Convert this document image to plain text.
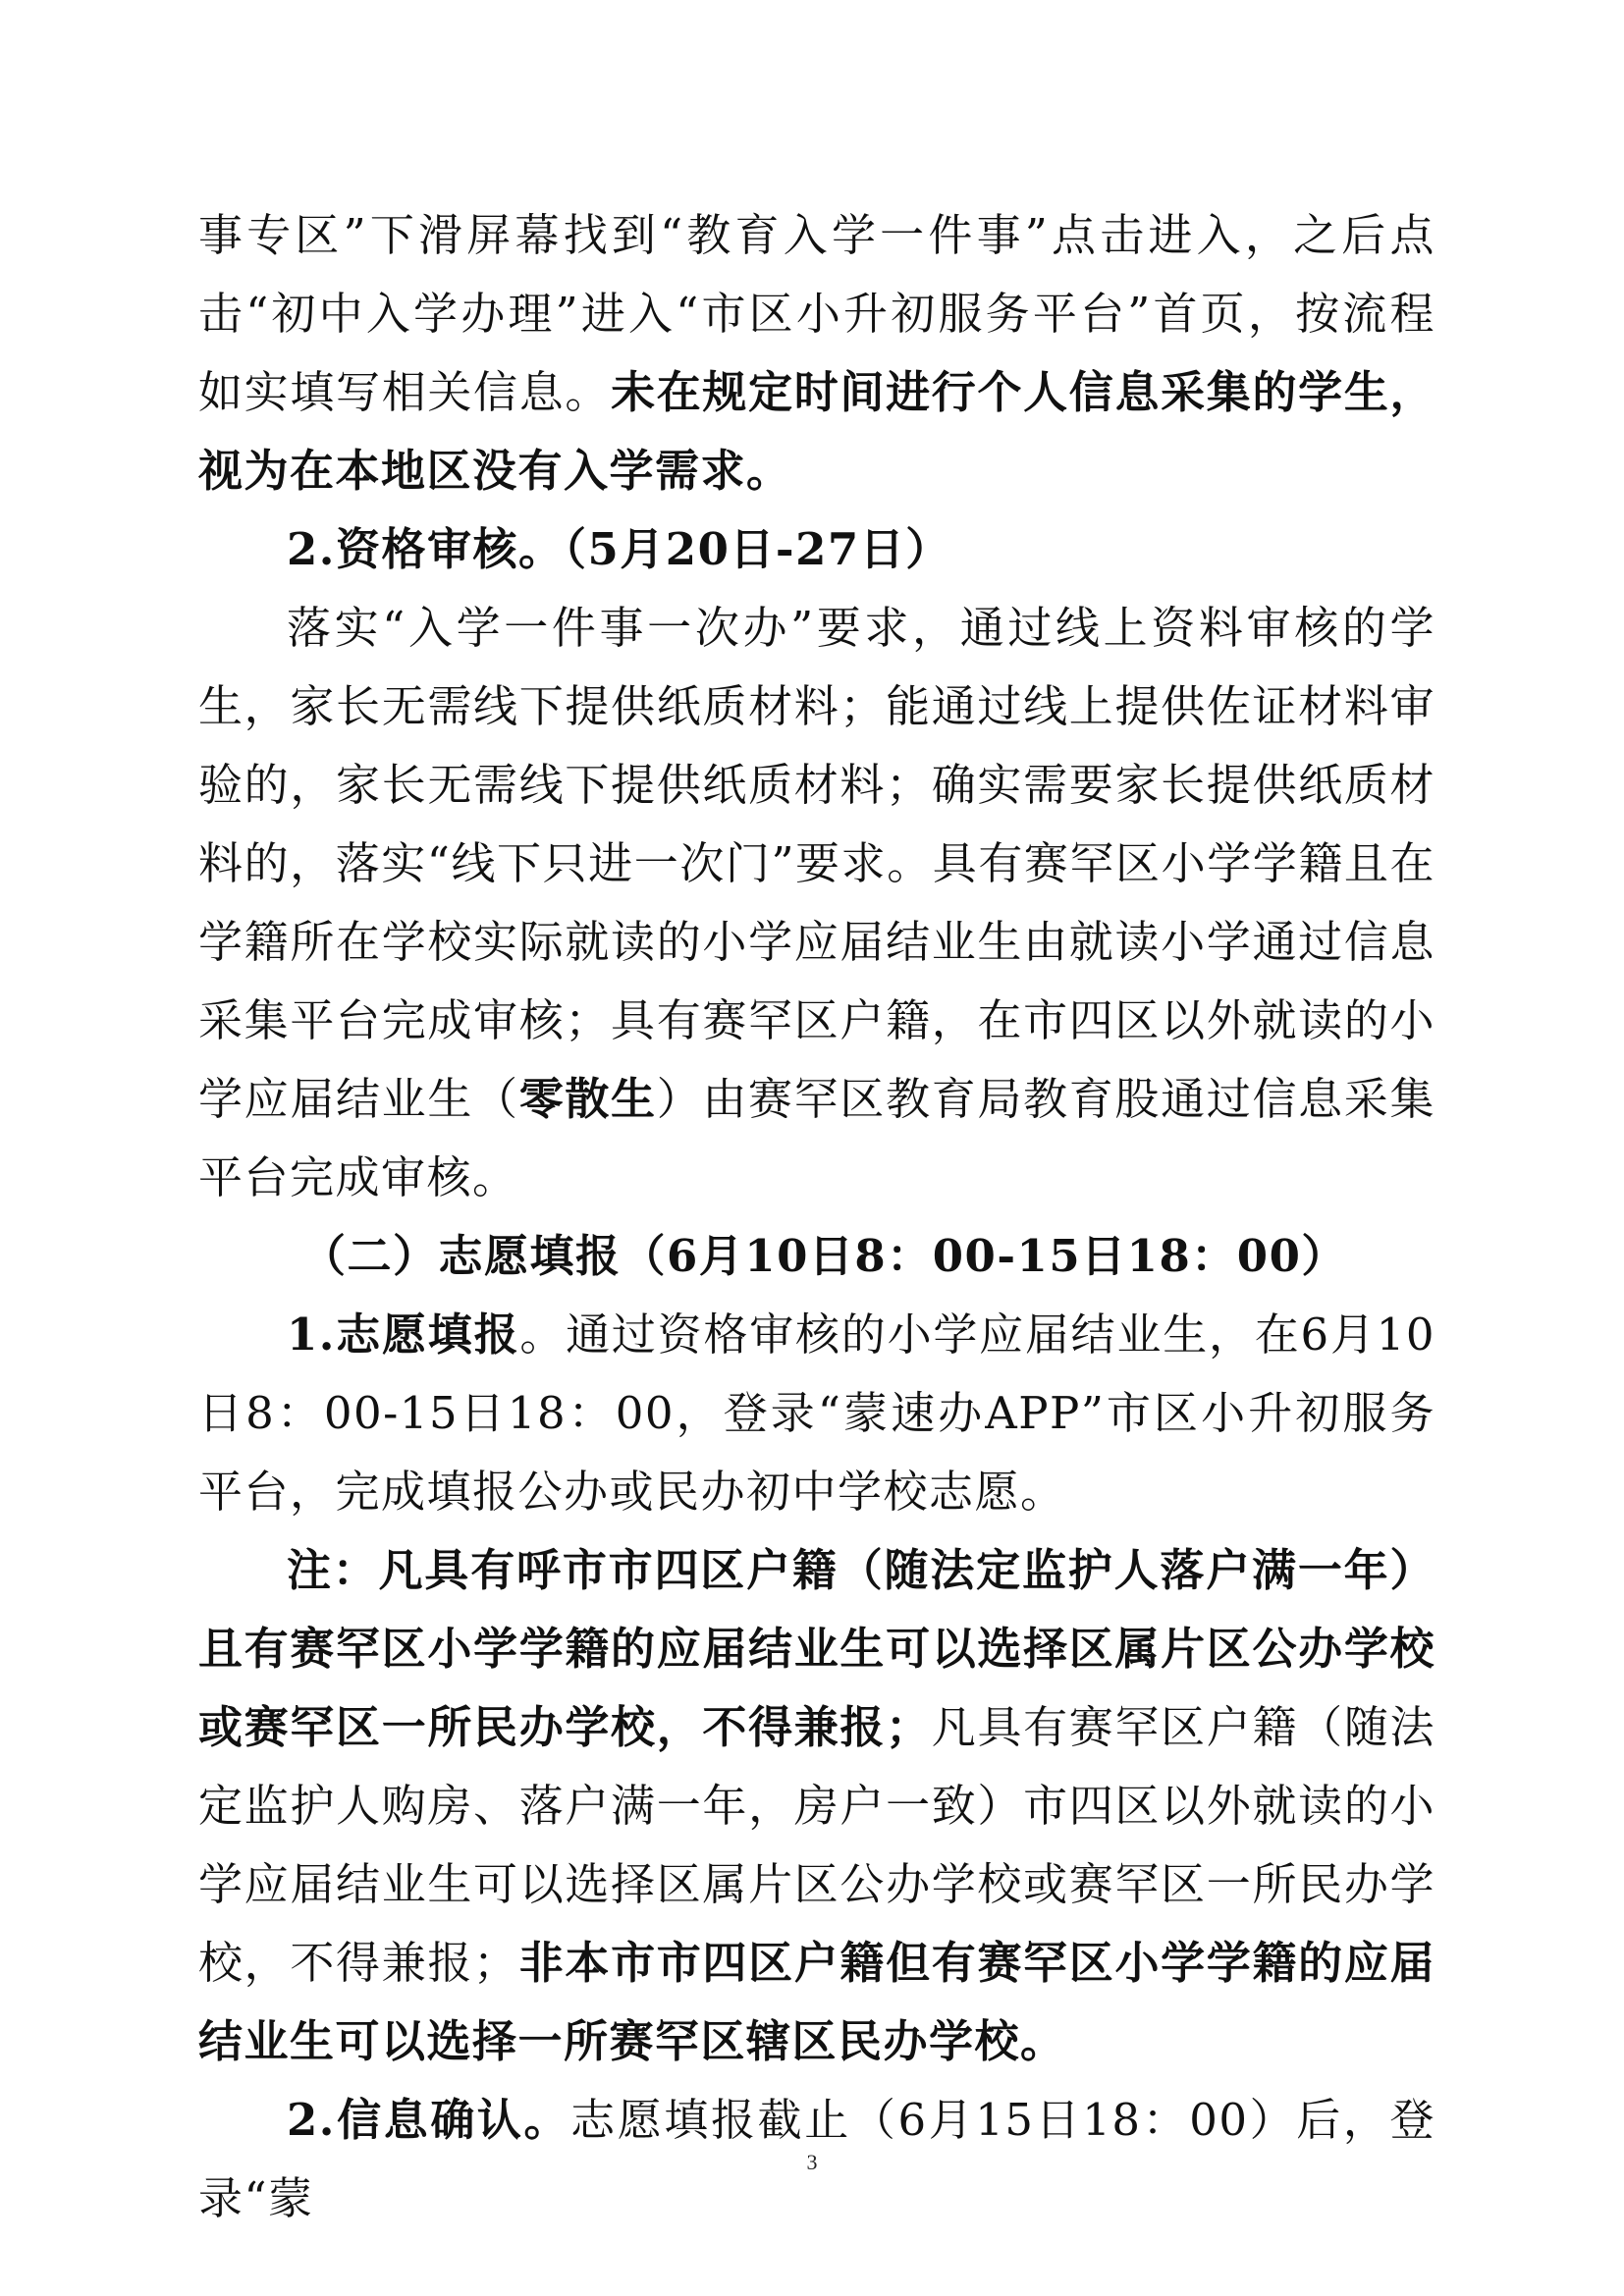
事专区”下滑屏幕找到“教育入学一件事”点击进入，之后点击“初中入学办理”进入“市区小升初服务平台”首页，按流程如实填写相关信息。未在规定时间进行个人信息采集的学生，视为在本地区没有入学需求。

2.资格审核。（5月20日-27日）

落实“入学一件事一次办”要求，通过线上资料审核的学生，家长无需线下提供纸质材料；能通过线上提供佐证材料审验的，家长无需线下提供纸质材料；确实需要家长提供纸质材料的，落实“线下只进一次门”要求。具有赛罕区小学学籍且在学籍所在学校实际就读的小学应届结业生由就读小学通过信息采集平台完成审核；具有赛罕区户籍，在市四区以外就读的小学应届结业生（零散生）由赛罕区教育局教育股通过信息采集平台完成审核。

（二）志愿填报（6月10日8：00-15日18：00）

1.志愿填报。通过资格审核的小学应届结业生，在6月10日8：00-15日18：00，登录“蒙速办APP”市区小升初服务平台，完成填报公办或民办初中学校志愿。

注：凡具有呼市市四区户籍（随法定监护人落户满一年）且有赛罕区小学学籍的应届结业生可以选择区属片区公办学校或赛罕区一所民办学校，不得兼报；凡具有赛罕区户籍（随法定监护人购房、落户满一年，房户一致）市四区以外就读的小学应届结业生可以选择区属片区公办学校或赛罕区一所民办学校，不得兼报；非本市市四区户籍但有赛罕区小学学籍的应届结业生可以选择一所赛罕区辖区民办学校。

2.信息确认。志愿填报截止（6月15日18：00）后，登录“蒙

3
